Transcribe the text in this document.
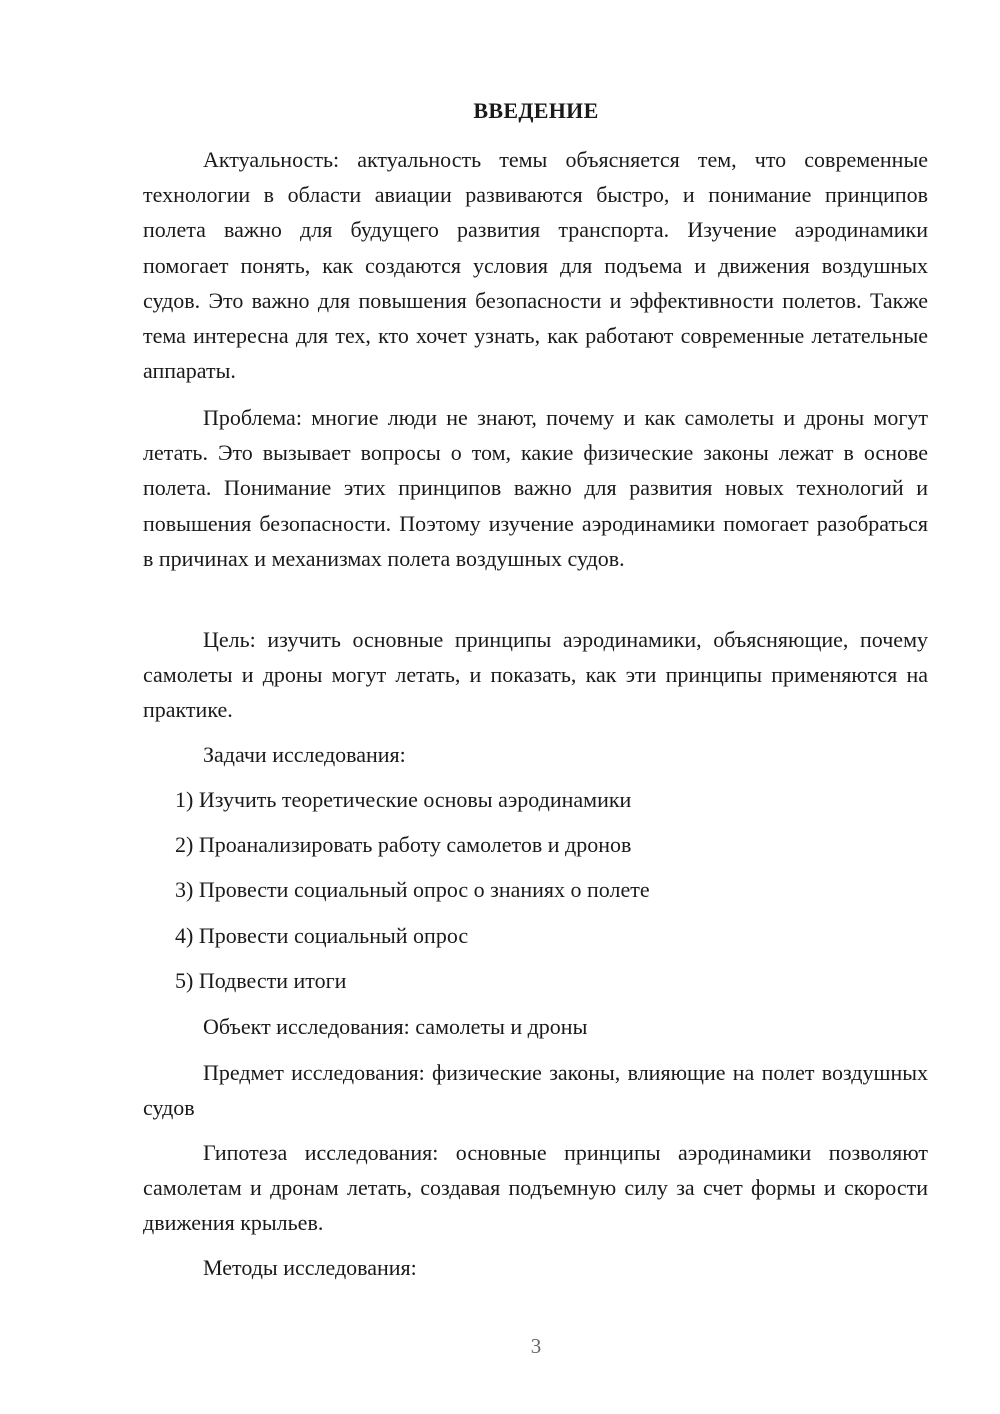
ВВЕДЕНИЕ

Актуальность: актуальность темы объясняется тем, что современные технологии в области авиации развиваются быстро, и понимание принципов полета важно для будущего развития транспорта. Изучение аэродинамики помогает понять, как создаются условия для подъема и движения воздушных судов. Это важно для повышения безопасности и эффективности полетов. Также тема интересна для тех, кто хочет узнать, как работают современные летательные аппараты.

Проблема: многие люди не знают, почему и как самолеты и дроны могут летать. Это вызывает вопросы о том, какие физические законы лежат в основе полета. Понимание этих принципов важно для развития новых технологий и повышения безопасности. Поэтому изучение аэродинамики помогает разобраться в причинах и механизмах полета воздушных судов.

Цель: изучить основные принципы аэродинамики, объясняющие, почему самолеты и дроны могут летать, и показать, как эти принципы применяются на практике.

Задачи исследования:

1) Изучить теоретические основы аэродинамики

2) Проанализировать работу самолетов и дронов

3) Провести социальный опрос о знаниях о полете

4) Провести социальный опрос

5) Подвести итоги

Объект исследования: самолеты и дроны

Предмет исследования: физические законы, влияющие на полет воздушных судов

Гипотеза исследования: основные принципы аэродинамики позволяют самолетам и дронам летать, создавая подъемную силу за счет формы и скорости движения крыльев.

Методы исследования:

3
